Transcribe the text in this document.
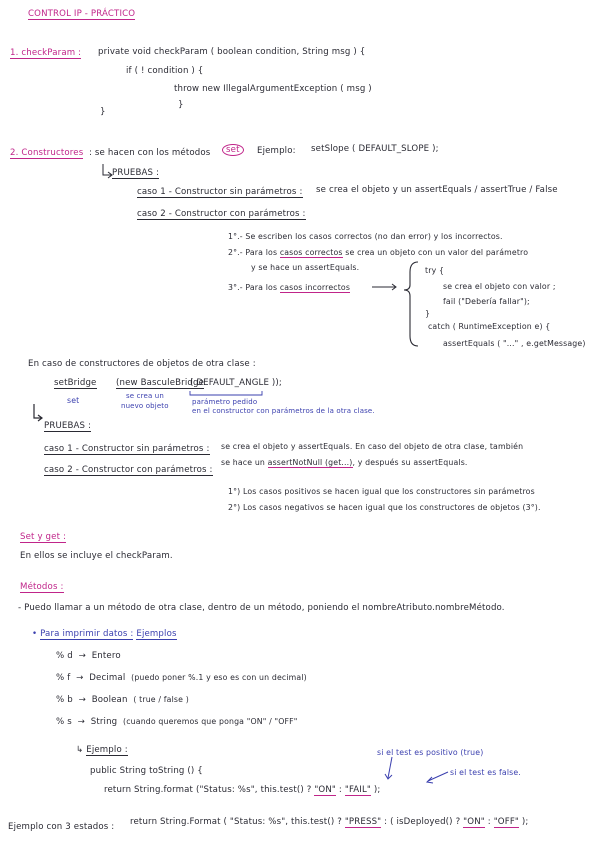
CONTROL IP - PRÁCTICO
1. checkParam : private void checkParam ( boolean condition, String msg ) {
if ( ! condition ) {
throw new IllegalArgumentException ( msg )
}
}
2. Constructores : se hacen con los métodos	set	Ejemplo: setSlope ( DEFAULT_SLOPE );
PRUEBAS :
caso 1 - Constructor sin parámetros : se crea el objeto y un assertEquals / assertTrue / False
caso 2 - Constructor con parámetros :
1°.- Se escriben los casos correctos (no dan error) y los incorrectos.
2°.- Para los casos correctos se crea un objeto con un valor del parámetro
y se hace un assertEquals.
3°.- Para los casos incorrectos
try {
se crea el objeto con valor ;
fail ("Debería fallar");
}
catch ( RuntimeException e) {
assertEquals ( "..." , e.getMessage)
En caso de constructores de objetos de otra clase :
setBridge (new BasculeBridge
( DEFAULT_ANGLE ));
set	se crea un
nuevo objeto	parámetro pedido
en el constructor con parámetros de la otra clase.
PRUEBAS :
caso 1 - Constructor sin parámetros : se crea el objeto y assertEquals. En caso del objeto de otra clase, también
se hace un assertNotNull (get...), y después su assertEquals.
caso 2 - Constructor con parámetros :
1°) Los casos positivos se hacen igual que los constructores sin parámetros
2°) Los casos negativos se hacen igual que los constructores de objetos (3°).
Set y get :
En ellos se incluye el checkParam.
Métodos :
- Puedo llamar a un método de otra clase, dentro de un método, poniendo el nombreAtributo.nombreMétodo.
• Para imprimir datos : Ejemplos
% d  →  Entero
% f  →  Decimal (puedo poner %.1 y eso es con un decimal)
% b  →  Boolean ( true / false )
% s  →  String (cuando queremos que ponga "ON" / "OFF"
↳ Ejemplo :	si el test es positivo (true)
si el test es false.
public String toString () {
return String.format ("Status: %s", this.test() ? "ON" : "FAIL" );
Ejemplo con 3 estados : return String.Format ( "Status: %s", this.test() ? "PRESS" : ( isDeployed() ? "ON" : "OFF" );
